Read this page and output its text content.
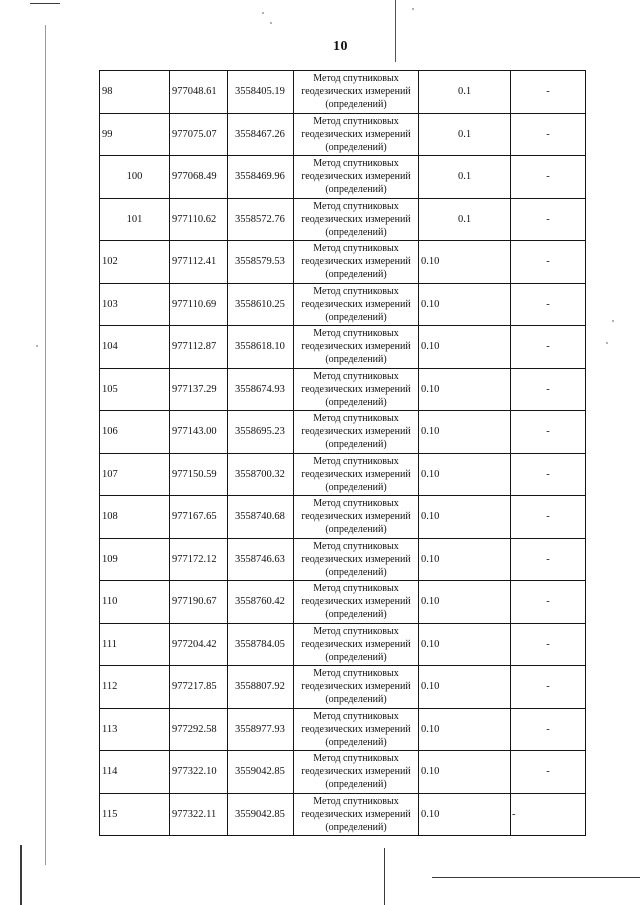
10
98	977048.61	3558405.19	Метод спутниковых
геодезических измерений
(определений)	0.1	-
99	977075.07	3558467.26	Метод спутниковых
геодезических измерений
(определений)	0.1	-
100	977068.49	3558469.96	Метод спутниковых
геодезических измерений
(определений)	0.1	-
101	977110.62	3558572.76	Метод спутниковых
геодезических измерений
(определений)	0.1	-
102	977112.41	3558579.53	Метод спутниковых
геодезических измерений
(определений)	0.10	-
103	977110.69	3558610.25	Метод спутниковых
геодезических измерений
(определений)	0.10	-
104	977112.87	3558618.10	Метод спутниковых
геодезических измерений
(определений)	0.10	-
105	977137.29	3558674.93	Метод спутниковых
геодезических измерений
(определений)	0.10	-
106	977143.00	3558695.23	Метод спутниковых
геодезических измерений
(определений)	0.10	-
107	977150.59	3558700.32	Метод спутниковых
геодезических измерений
(определений)	0.10	-
108	977167.65	3558740.68	Метод спутниковых
геодезических измерений
(определений)	0.10	-
109	977172.12	3558746.63	Метод спутниковых
геодезических измерений
(определений)	0.10	-
110	977190.67	3558760.42	Метод спутниковых
геодезических измерений
(определений)	0.10	-
111	977204.42	3558784.05	Метод спутниковых
геодезических измерений
(определений)	0.10	-
112	977217.85	3558807.92	Метод спутниковых
геодезических измерений
(определений)	0.10	-
113	977292.58	3558977.93	Метод спутниковых
геодезических измерений
(определений)	0.10	-
114	977322.10	3559042.85	Метод спутниковых
геодезических измерений
(определений)	0.10	-
115	977322.11	3559042.85	Метод спутниковых
геодезических измерений
(определений)	0.10	-
